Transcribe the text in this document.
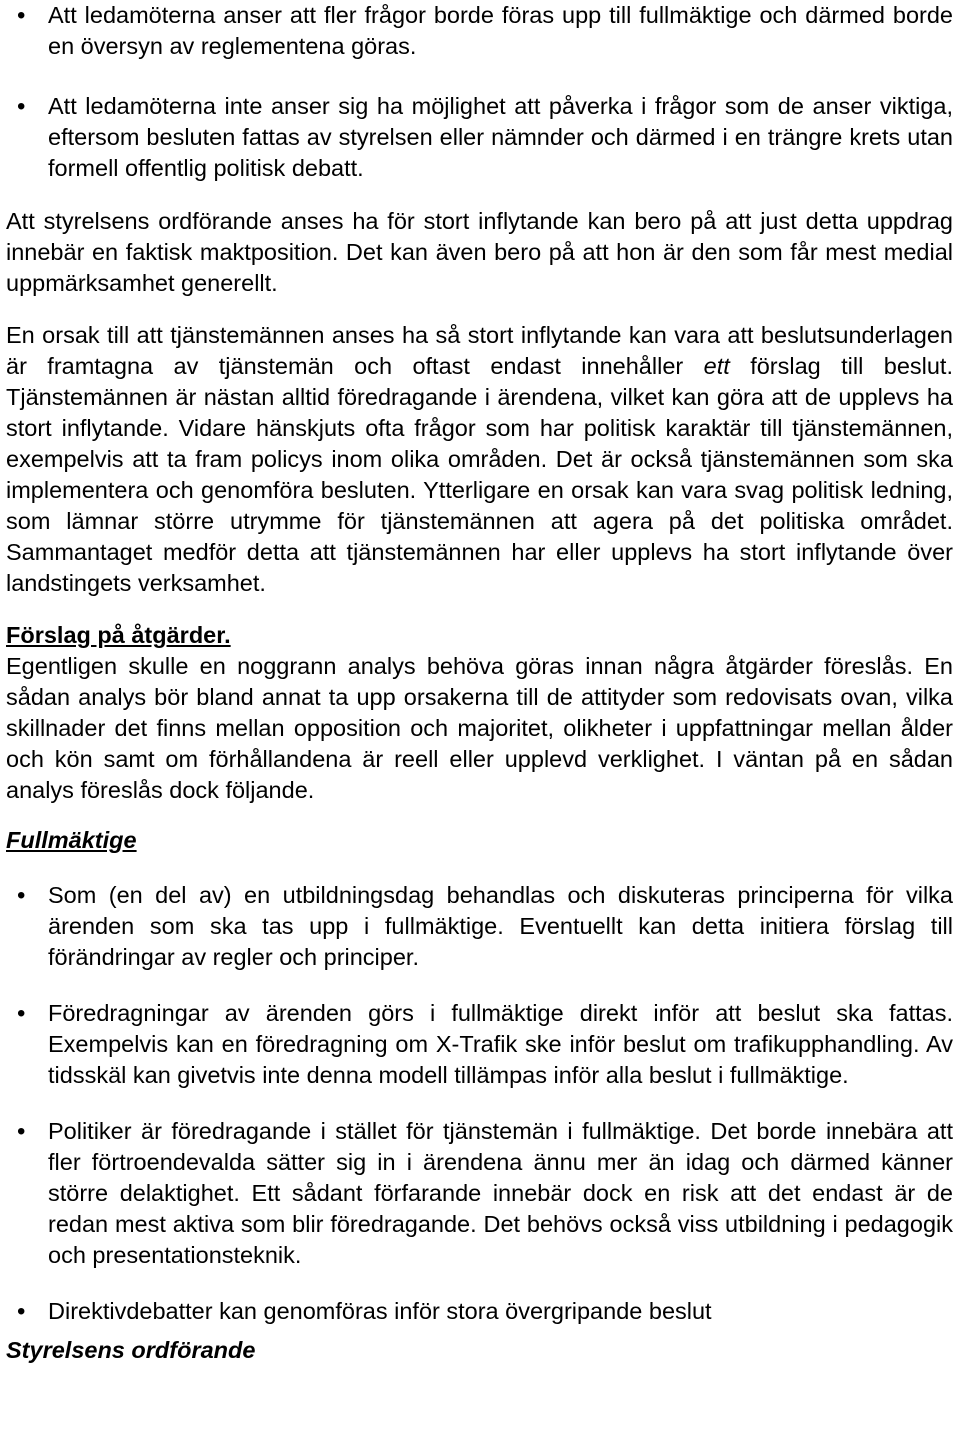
• Att ledamöterna anser att fler frågor borde föras upp till fullmäktige och därmed borde en översyn av reglementena göras.
• Att ledamöterna inte anser sig ha möjlighet att påverka i frågor som de anser viktiga, eftersom besluten fattas av styrelsen eller nämnder och därmed i en trängre krets utan formell offentlig politisk debatt.

Att styrelsens ordförande anses ha för stort inflytande kan bero på att just detta uppdrag innebär en faktisk maktposition. Det kan även bero på att hon är den som får mest medial uppmärksamhet generellt.

En orsak till att tjänstemännen anses ha så stort inflytande kan vara att beslutsunderlagen är framtagna av tjänstemän och oftast endast innehåller ett förslag till beslut. Tjänstemännen är nästan alltid föredragande i ärendena, vilket kan göra att de upplevs ha stort inflytande. Vidare hänskjuts ofta frågor som har politisk karaktär till tjänstemännen, exempelvis att ta fram policys inom olika områden. Det är också tjänstemännen som ska implementera och genomföra besluten. Ytterligare en orsak kan vara svag politisk ledning, som lämnar större utrymme för tjänstemännen att agera på det politiska området. Sammantaget medför detta att tjänstemännen har eller upplevs ha stort inflytande över landstingets verksamhet.

Förslag på åtgärder.

Egentligen skulle en noggrann analys behöva göras innan några åtgärder föreslås. En sådan analys bör bland annat ta upp orsakerna till de attityder som redovisats ovan, vilka skillnader det finns mellan opposition och majoritet, olikheter i uppfattningar mellan ålder och kön samt om förhållandena är reell eller upplevd verklighet. I väntan på en sådan analys föreslås dock följande.

Fullmäktige

• Som (en del av) en utbildningsdag behandlas och diskuteras principerna för vilka ärenden som ska tas upp i fullmäktige. Eventuellt kan detta initiera förslag till förändringar av regler och principer.
• Föredragningar av ärenden görs i fullmäktige direkt inför att beslut ska fattas. Exempelvis kan en föredragning om X-Trafik ske inför beslut om trafikupphandling. Av tidsskäl kan givetvis inte denna modell tillämpas inför alla beslut i fullmäktige.
• Politiker är föredragande i stället för tjänstemän i fullmäktige. Det borde innebära att fler förtroendevalda sätter sig in i ärendena ännu mer än idag och därmed känner större delaktighet. Ett sådant förfarande innebär dock en risk att det endast är de redan mest aktiva som blir föredragande. Det behövs också viss utbildning i pedagogik och presentationsteknik.
• Direktivdebatter kan genomföras inför stora övergripande beslut

Styrelsens ordförande
